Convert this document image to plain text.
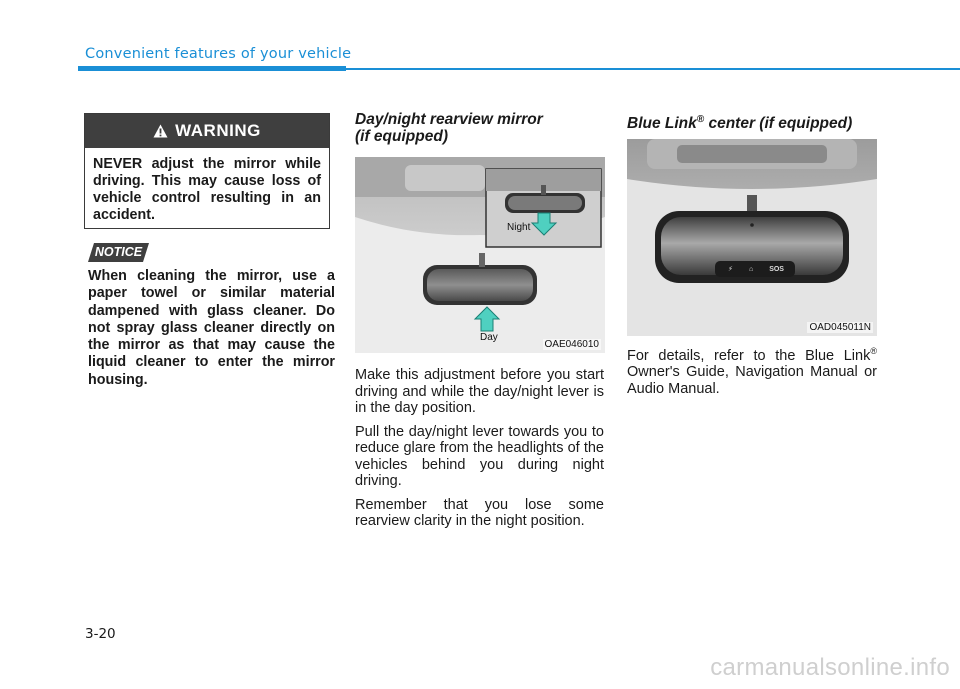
Convenient features of your vehicle
WARNING
NEVER adjust the mirror while driving. This may cause loss of vehicle control resulting in an accident.
NOTICE
When cleaning the mirror, use a paper towel or similar material dampened with glass cleaner. Do not spray glass cleaner directly on the mirror as that may cause the liquid cleaner to enter the mirror housing.
Day/night rearview mirror
(if equipped)
Night
Day
OAE046010

Make this adjustment before you start driving and while the day/night lever is in the day position.

Pull the day/night lever towards you to reduce glare from the headlights of the vehicles behind you during night driving.

Remember that you lose some rearview clarity in the night position.

Blue Link® center (if equipped)
⚡ ⌂ SOS
OAD045011N
For details, refer to the Blue Link® Owner's Guide, Navigation Manual or Audio Manual.
3-20
carmanualsonline.info
